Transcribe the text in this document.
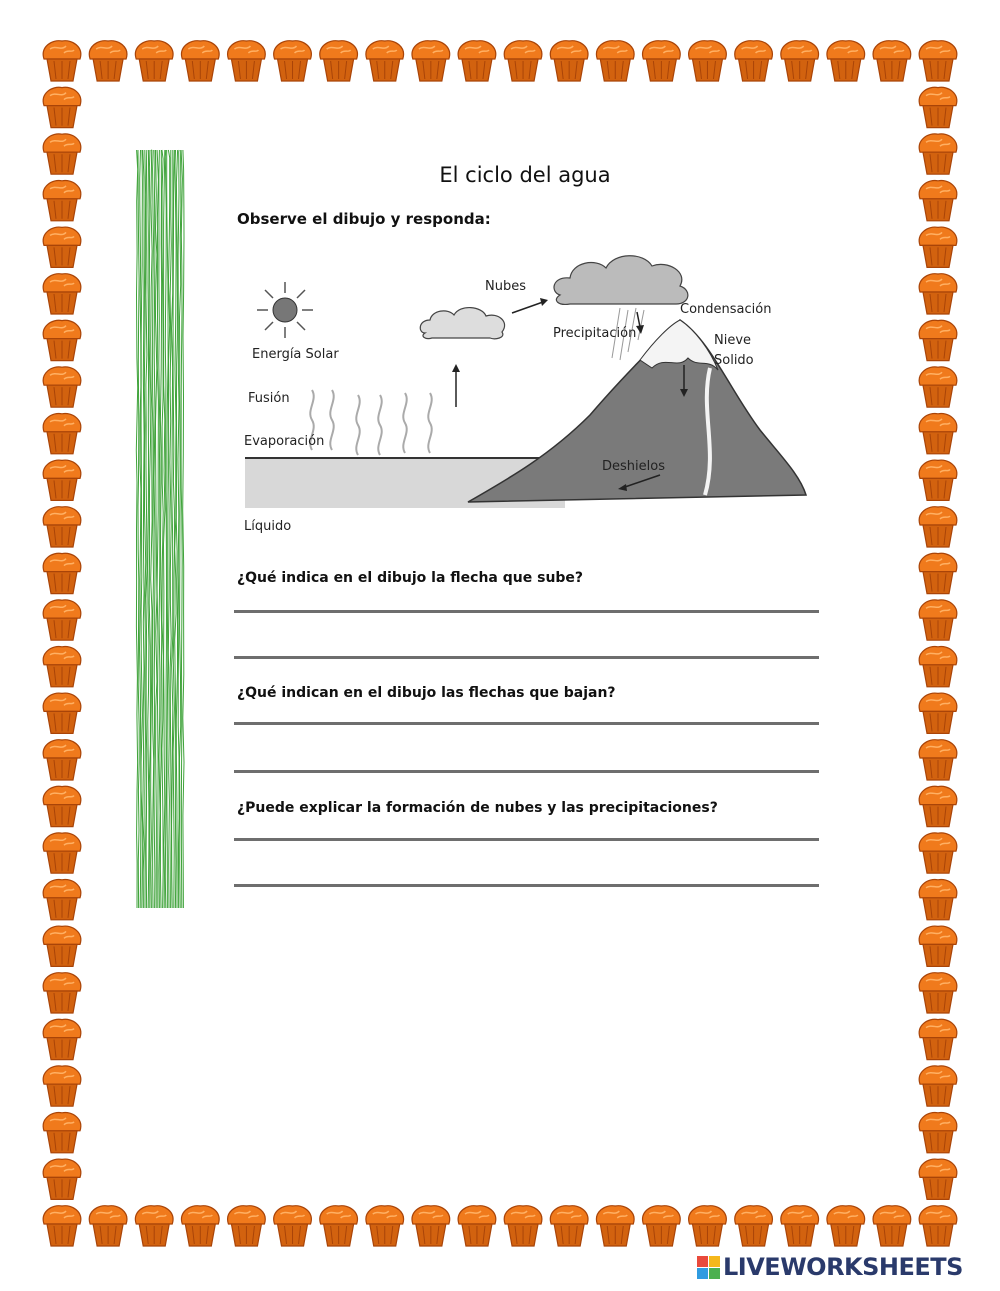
El ciclo del agua
Observe el dibujo y responda:
Energía Solar
Nubes
Condensación
Precipitación	Nieve
Solido
Fusión
Evaporación
Deshielos
Líquido
¿Qué indica en el dibujo la flecha que sube?
¿Qué indican en el dibujo las flechas que bajan?
¿Puede explicar la formación de nubes y las precipitaciones?
LIVEWORKSHEETS
